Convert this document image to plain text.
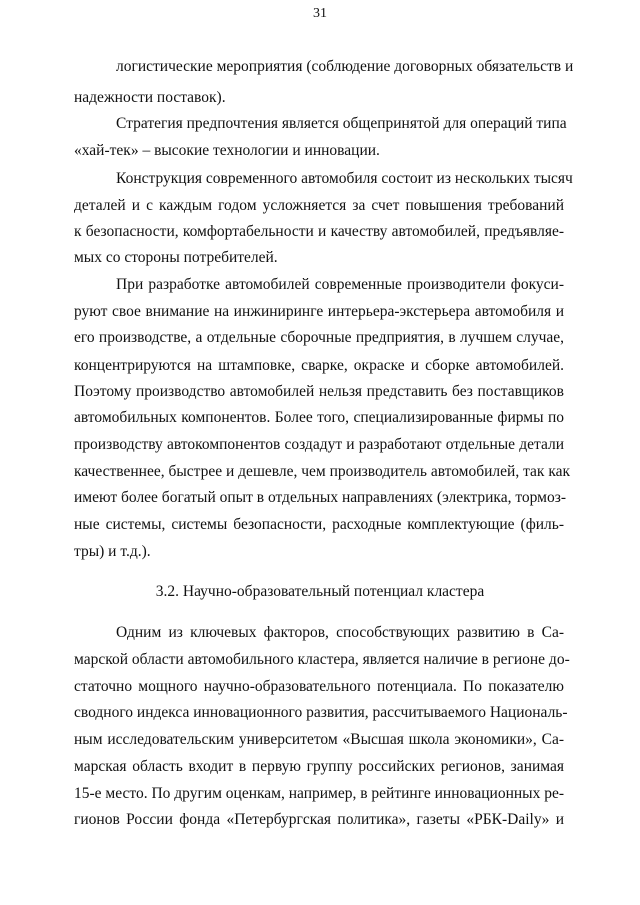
31
логистические мероприятия (соблюдение договорных обязательств и
надежности поставок).
Стратегия предпочтения является общепринятой для операций типа
«хай-тек» – высокие технологии и инновации.
Конструкция современного автомобиля состоит из нескольких тысяч
деталей и с каждым годом усложняется за счет повышения требований
к безопасности, комфортабельности и качеству автомобилей, предъявляе-
мых со стороны потребителей.
При разработке автомобилей современные производители фокуси-
руют свое внимание на инжиниринге интерьера-экстерьера автомобиля и
его производстве, а отдельные сборочные предприятия, в лучшем случае,
концентрируются на штамповке, сварке, окраске и сборке автомобилей.
Поэтому производство автомобилей нельзя представить без поставщиков
автомобильных компонентов. Более того, специализированные фирмы по
производству автокомпонентов создадут и разработают отдельные детали
качественнее, быстрее и дешевле, чем производитель автомобилей, так как
имеют более богатый опыт в отдельных направлениях (электрика, тормоз-
ные системы, системы безопасности, расходные комплектующие (филь-
тры) и т.д.).
3.2. Научно-образовательный потенциал кластера
Одним из ключевых факторов, способствующих развитию в Са-
марской области автомобильного кластера, является наличие в регионе до-
статочно мощного научно-образовательного потенциала. По показателю
сводного индекса инновационного развития, рассчитываемого Националь-
ным исследовательским университетом «Высшая школа экономики», Са-
марская область входит в первую группу российских регионов, занимая
15-е место. По другим оценкам, например, в рейтинге инновационных ре-
гионов России фонда «Петербургская политика», газеты «РБК-Daily» и
